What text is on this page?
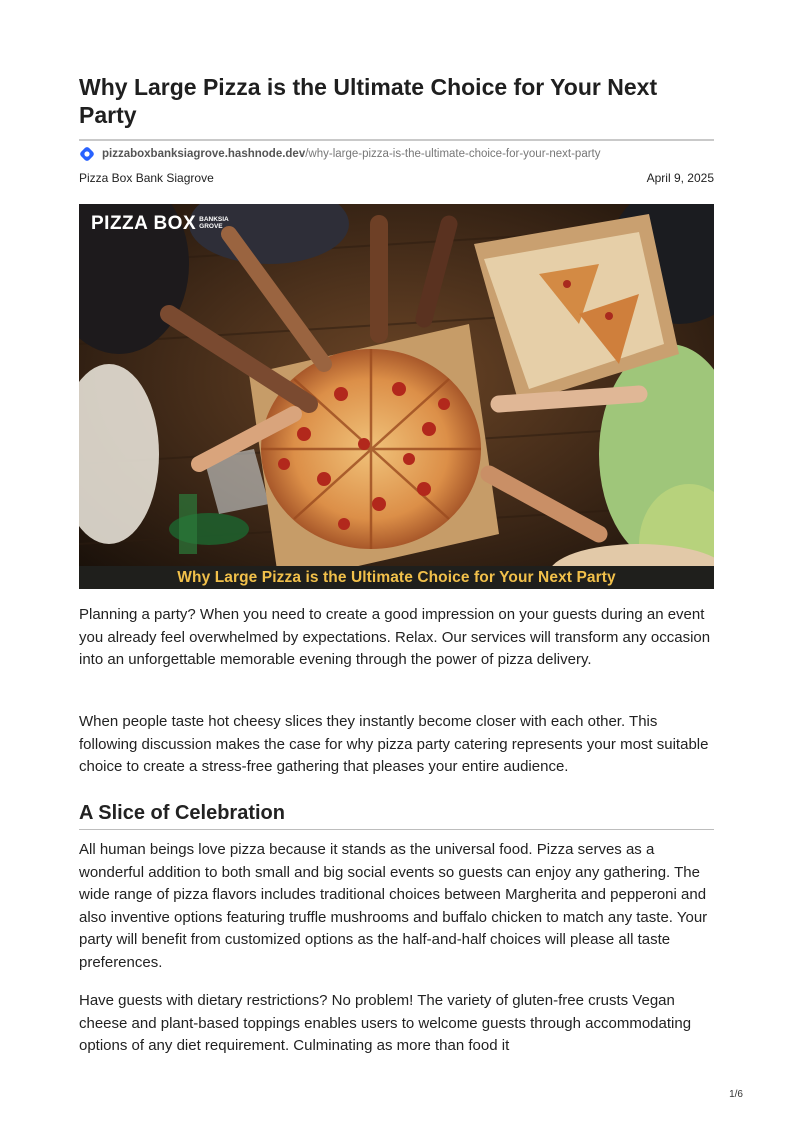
Why Large Pizza is the Ultimate Choice for Your Next Party
pizzaboxbanksiagrove.hashnode.dev/why-large-pizza-is-the-ultimate-choice-for-your-next-party
Pizza Box Bank Siagrove	April 9, 2025
PIZZA BOX BANKSIA
GROVE
Why Large Pizza is the Ultimate Choice for Your Next Party

Planning a party? When you need to create a good impression on your guests during an event you already feel overwhelmed by expectations. Relax. Our services will transform any occasion into an unforgettable memorable evening through the power of pizza delivery.

When people taste hot cheesy slices they instantly become closer with each other. This following discussion makes the case for why pizza party catering represents your most suitable choice to create a stress-free gathering that pleases your entire audience.

A Slice of Celebration

All human beings love pizza because it stands as the universal food. Pizza serves as a wonderful addition to both small and big social events so guests can enjoy any gathering. The wide range of pizza flavors includes traditional choices between Margherita and pepperoni and also inventive options featuring truffle mushrooms and buffalo chicken to match any taste. Your party will benefit from customized options as the half-and-half choices will please all taste preferences.

Have guests with dietary restrictions? No problem! The variety of gluten-free crusts Vegan cheese and plant-based toppings enables users to welcome guests through accommodating options of any diet requirement. Culminating as more than food it

1/6
